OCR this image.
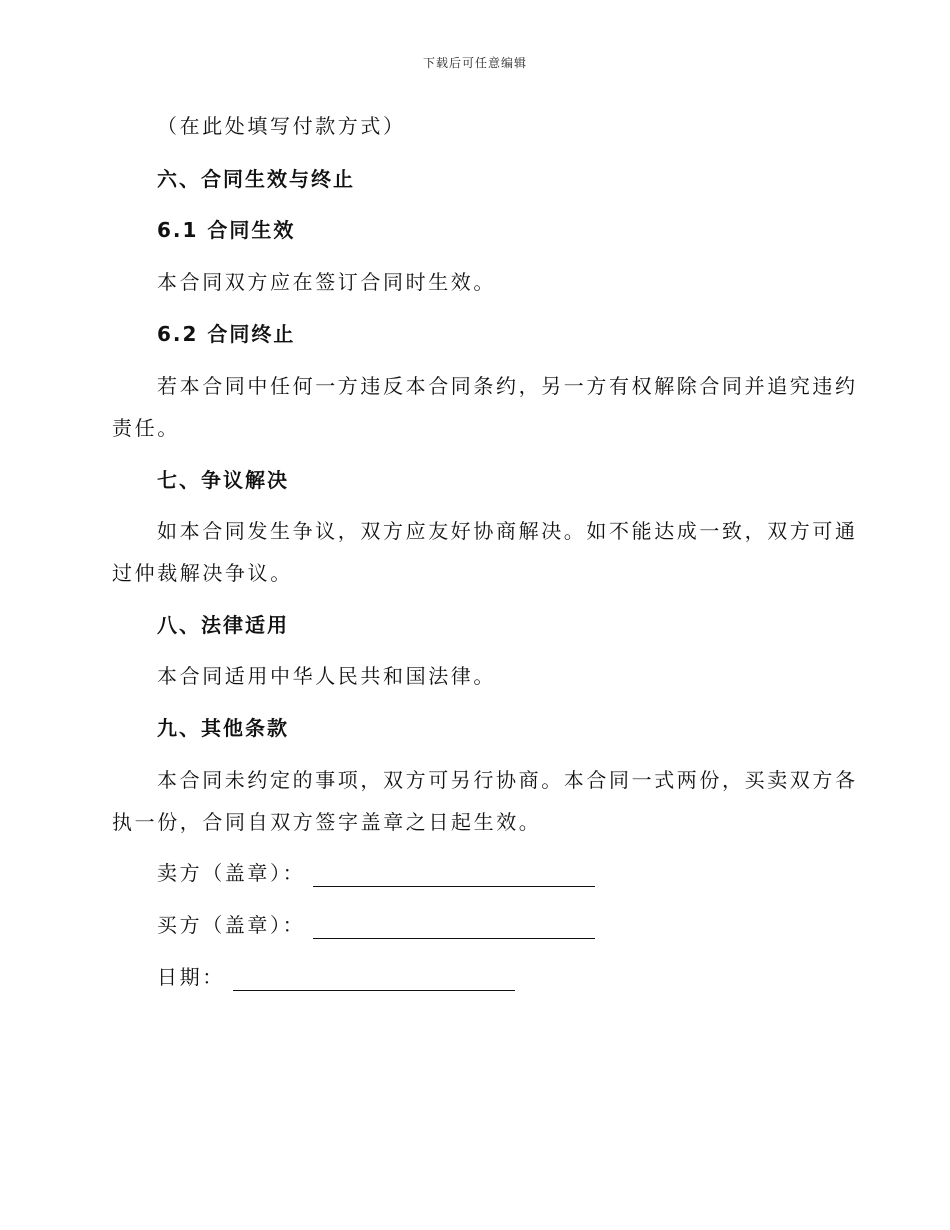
下载后可任意编辑
（在此处填写付款方式）
六、合同生效与终止
6.1 合同生效
本合同双方应在签订合同时生效。
6.2 合同终止
若本合同中任何一方违反本合同条约，另一方有权解除合同并追究违约
责任。
七、争议解决
如本合同发生争议，双方应友好协商解决。如不能达成一致，双方可通
过仲裁解决争议。
八、法律适用
本合同适用中华人民共和国法律。
九、其他条款
本合同未约定的事项，双方可另行协商。本合同一式两份，买卖双方各
执一份，合同自双方签字盖章之日起生效。
卖方（盖章）：
买方（盖章）：
日期：
